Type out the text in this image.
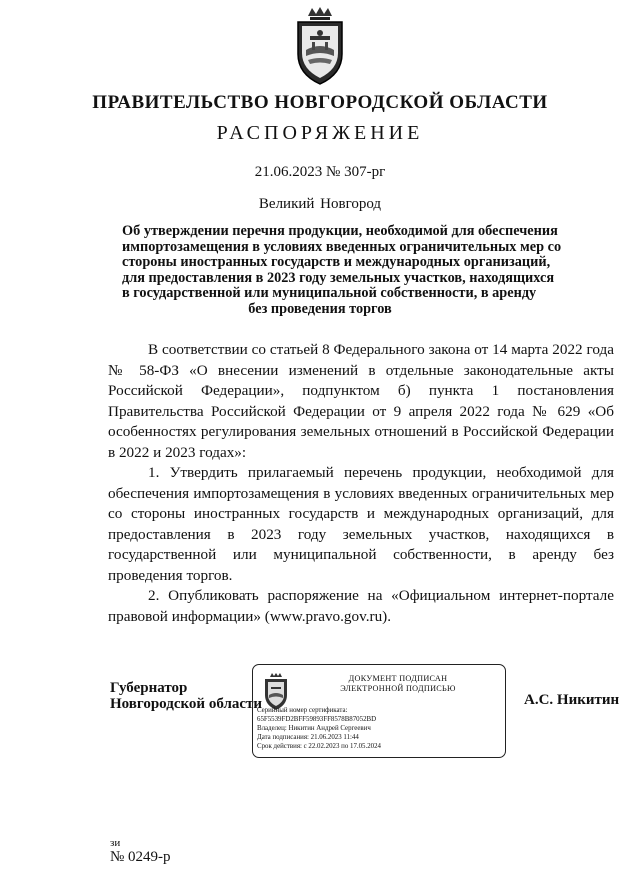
ПРАВИТЕЛЬСТВО НОВГОРОДСКОЙ ОБЛАСТИ
РАСПОРЯЖЕНИЕ
21.06.2023 № 307-рг
Великий Новгород
Об утверждении перечня продукции, необходимой для обеспечения
импортозамещения в условиях введенных ограничительных мер со
стороны иностранных государств и международных организаций,
для предоставления в 2023 году земельных участков, находящихся
в государственной или муниципальной собственности, в аренду
без проведения торгов

В соответствии со статьей 8 Федерального закона от 14 марта 2022 года № 58-ФЗ «О внесении изменений в отдельные законодательные акты Российской Федерации», подпунктом б) пункта 1 постановления Правительства Российской Федерации от 9 апреля 2022 года № 629 «Об особенностях регулирования земельных отношений в Российской Федерации в 2022 и 2023 годах»:

1. Утвердить прилагаемый перечень продукции, необходимой для обеспечения импортозамещения в условиях введенных ограничительных мер со стороны иностранных государств и международных организаций, для предоставления в 2023 году земельных участков, находящихся в государственной или муниципальной собственности, в аренду без проведения торгов.

2. Опубликовать распоряжение на «Официальном интернет-портале правовой информации» (www.pravo.gov.ru).

Губернатор
Новгородской области
ДОКУМЕНТ ПОДПИСАН
ЭЛЕКТРОННОЙ ПОДПИСЬЮ
Серийный номер сертификата:
65F5539FD2BFF59893FF8578B87052BD
Владелец: Никитин Андрей Сергеевич
Дата подписания: 21.06.2023 11:44
Срок действия: с 22.02.2023 по 17.05.2024
А.С. Никитин
зи
№ 0249-р
